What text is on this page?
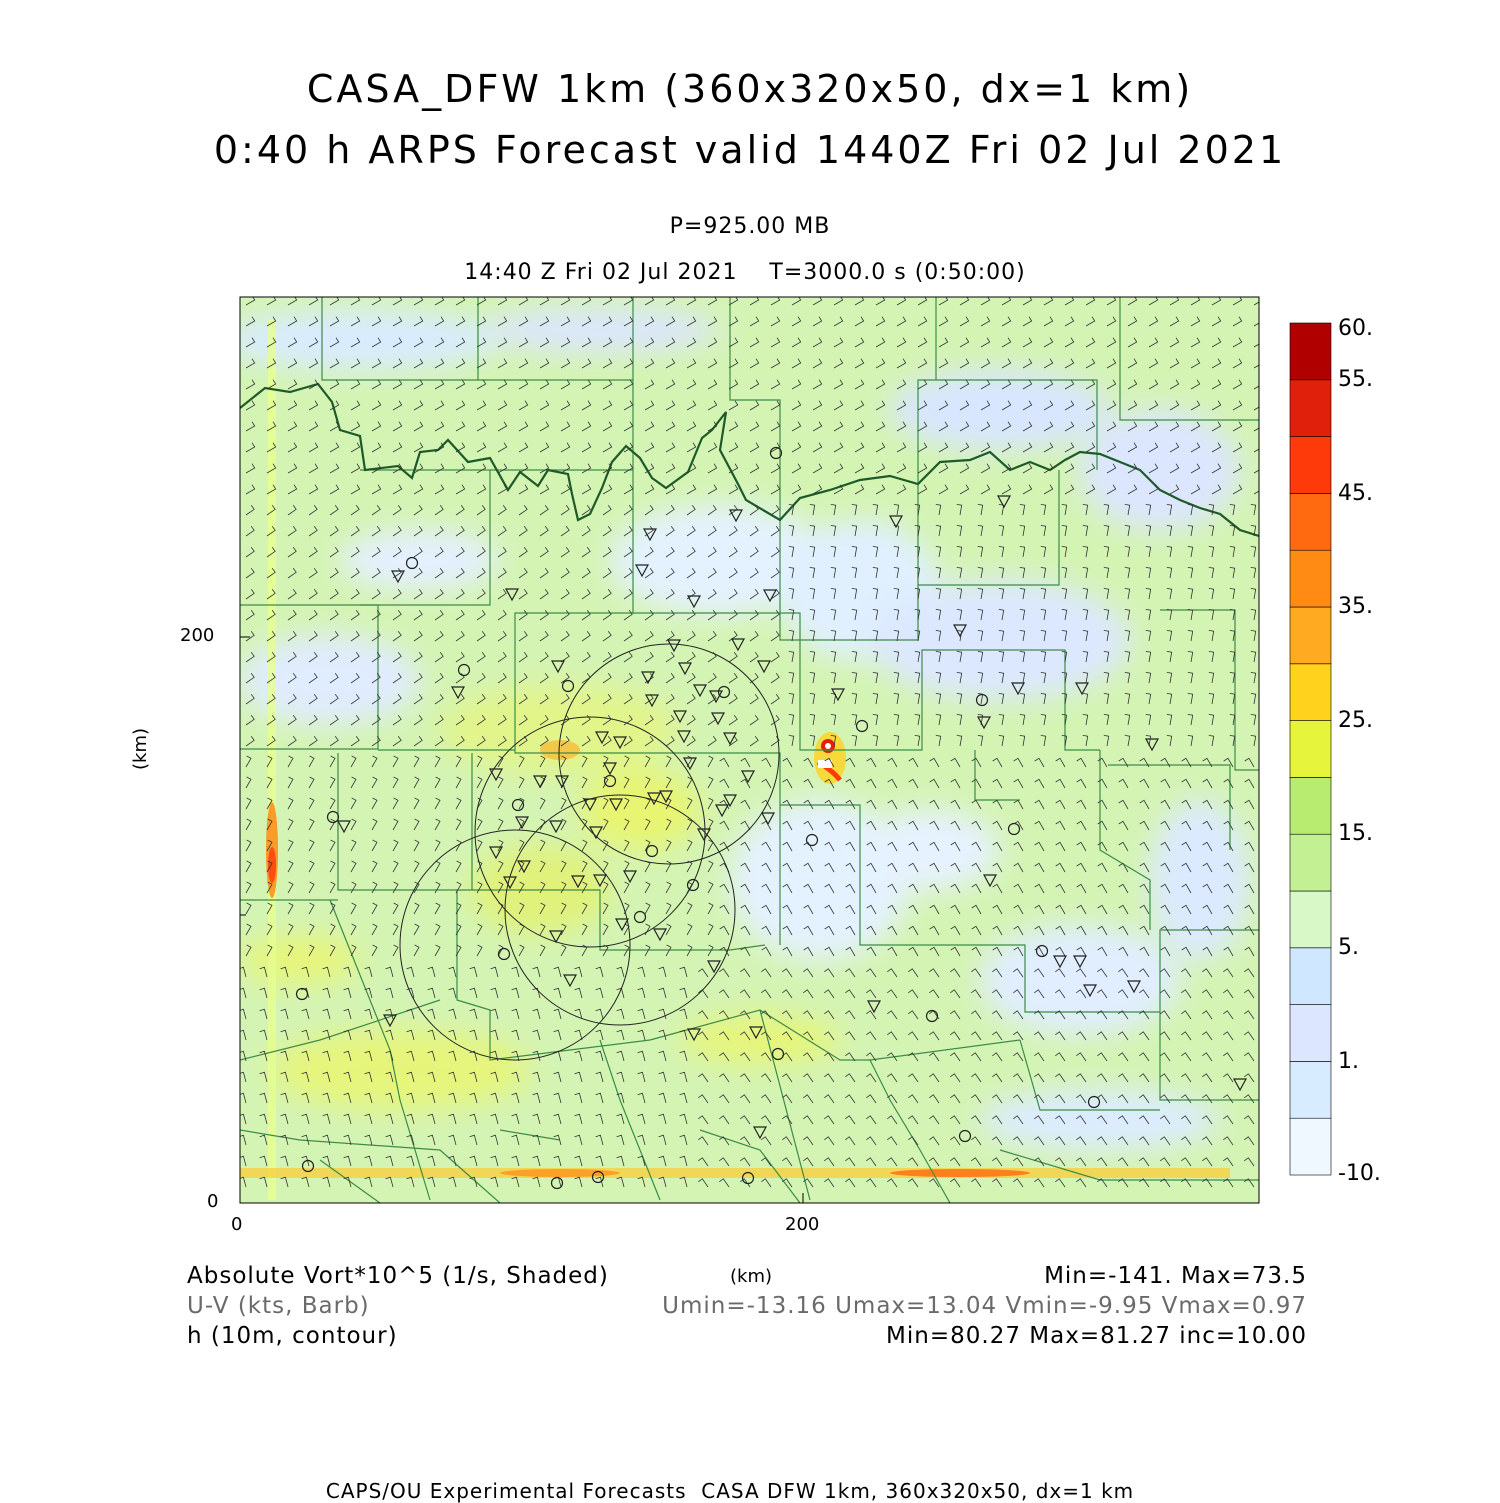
CASA_DFW 1km (360x320x50, dx=1 km)
0:40 h ARPS Forecast valid 1440Z Fri 02 Jul 2021
P=925.00 MB
14:40 Z Fri 02 Jul 2021    T=3000.0 s (0:50:00)
200
0
0	200
(km)
60.
55.
45.
35.
25.
15.
5.
1.
-10.
Absolute Vort*10^5 (1/s, Shaded)
U-V (kts, Barb)
h (10m, contour)
(km)	Min=-141. Max=73.5
Umin=-13.16 Umax=13.04 Vmin=-9.95 Vmax=0.97
Min=80.27 Max=81.27 inc=10.00
CAPS/OU Experimental Forecasts  CASA DFW 1km, 360x320x50, dx=1 km
